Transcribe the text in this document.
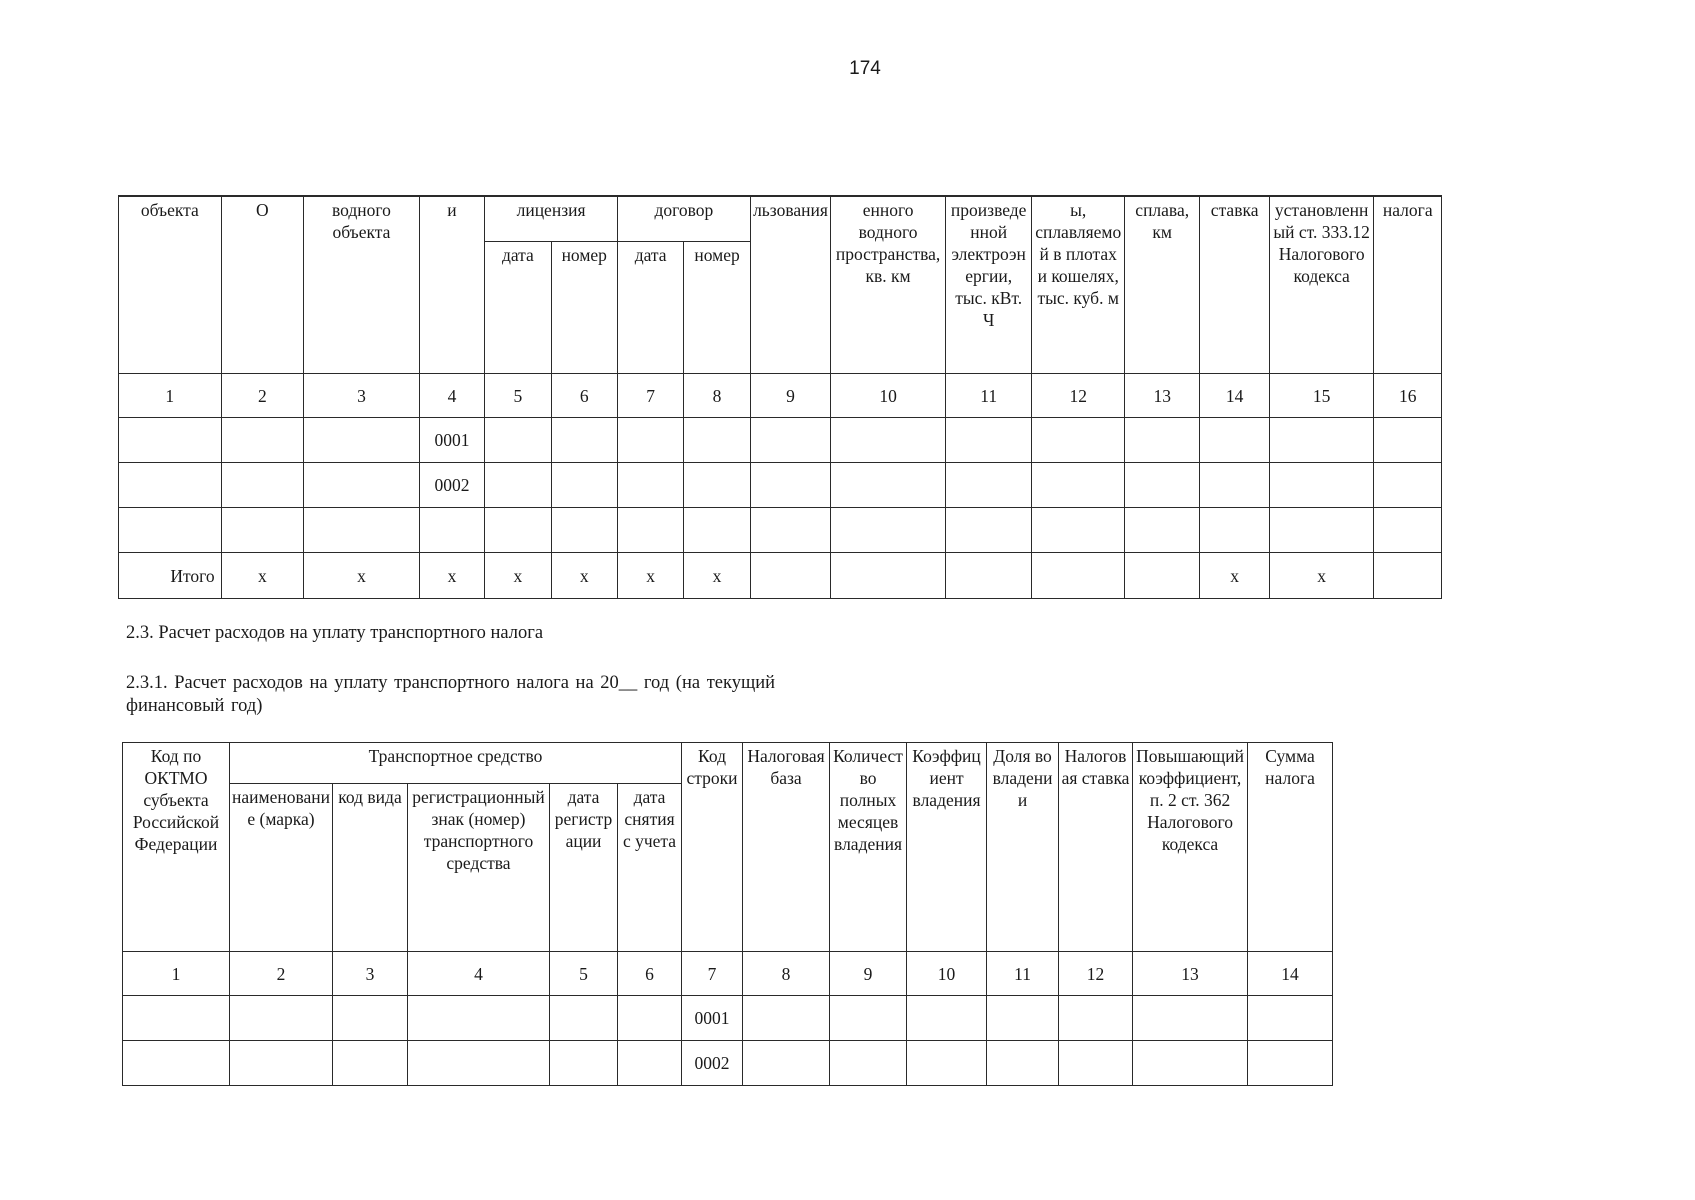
174
объекта	О	водного объекта	и	лицензия		договор		льзования	енного водного пространства, кв. км	произведенной электроэнергии, тыс. кВт. Ч	ы, сплавляемой в плотах и кошелях, тыс. куб. м	сплава, км	ставка	установленный ст. 333.12 Налогового кодекса	налога
				дата	номер	дата	номер								
1	2	3	4	5	6	7	8	9	10	11	12	13	14	15	16
			0001												
			0002												

Итого	х	х	х	х	х	х	х						х	х	
2.3. Расчет расходов на уплату транспортного налога
2.3.1. Расчет расходов на уплату транспортного налога на 20__ год (на текущий финансовый год)
Код по ОКТМО субъекта Российской Федерации	Транспортное средство					Код строки	Налоговая база	Количество полных месяцев владения	Коэффициент владения	Доля во владении	Налоговая ставка	Повышающий коэффициент, п. 2 ст. 362 Налогового кодекса	Сумма налога
	наименование (марка)	код вида	регистрационный знак (номер) транспортного средства	дата регистрации	дата снятия с учета								
1	2	3	4	5	6	7	8	9	10	11	12	13	14
						0001							
						0002							
